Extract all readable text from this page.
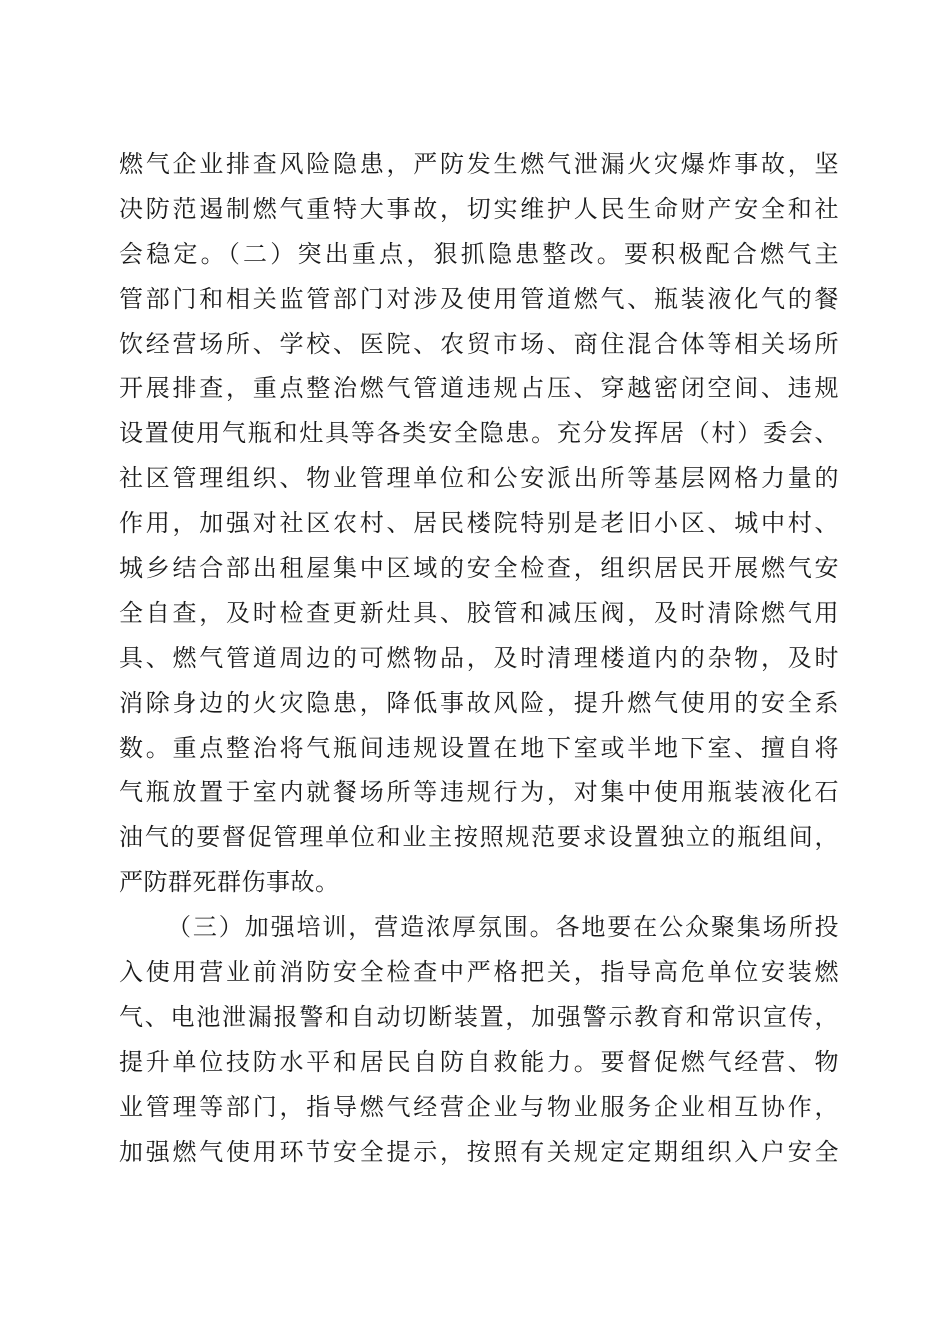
燃气企业排查风险隐患，严防发生燃气泄漏火灾爆炸事故，坚
决防范遏制燃气重特大事故，切实维护人民生命财产安全和社
会稳定。（二）突出重点，狠抓隐患整改。要积极配合燃气主
管部门和相关监管部门对涉及使用管道燃气、瓶装液化气的餐
饮经营场所、学校、医院、农贸市场、商住混合体等相关场所
开展排查，重点整治燃气管道违规占压、穿越密闭空间、违规
设置使用气瓶和灶具等各类安全隐患。充分发挥居（村）委会、
社区管理组织、物业管理单位和公安派出所等基层网格力量的
作用，加强对社区农村、居民楼院特别是老旧小区、城中村、
城乡结合部出租屋集中区域的安全检查，组织居民开展燃气安
全自查，及时检查更新灶具、胶管和减压阀，及时清除燃气用
具、燃气管道周边的可燃物品，及时清理楼道内的杂物，及时
消除身边的火灾隐患，降低事故风险，提升燃气使用的安全系
数。重点整治将气瓶间违规设置在地下室或半地下室、擅自将
气瓶放置于室内就餐场所等违规行为，对集中使用瓶装液化石
油气的要督促管理单位和业主按照规范要求设置独立的瓶组间，
严防群死群伤事故。
（三）加强培训，营造浓厚氛围。各地要在公众聚集场所投
入使用营业前消防安全检查中严格把关，指导高危单位安装燃
气、电池泄漏报警和自动切断装置，加强警示教育和常识宣传，
提升单位技防水平和居民自防自救能力。要督促燃气经营、物
业管理等部门，指导燃气经营企业与物业服务企业相互协作，
加强燃气使用环节安全提示，按照有关规定定期组织入户安全
